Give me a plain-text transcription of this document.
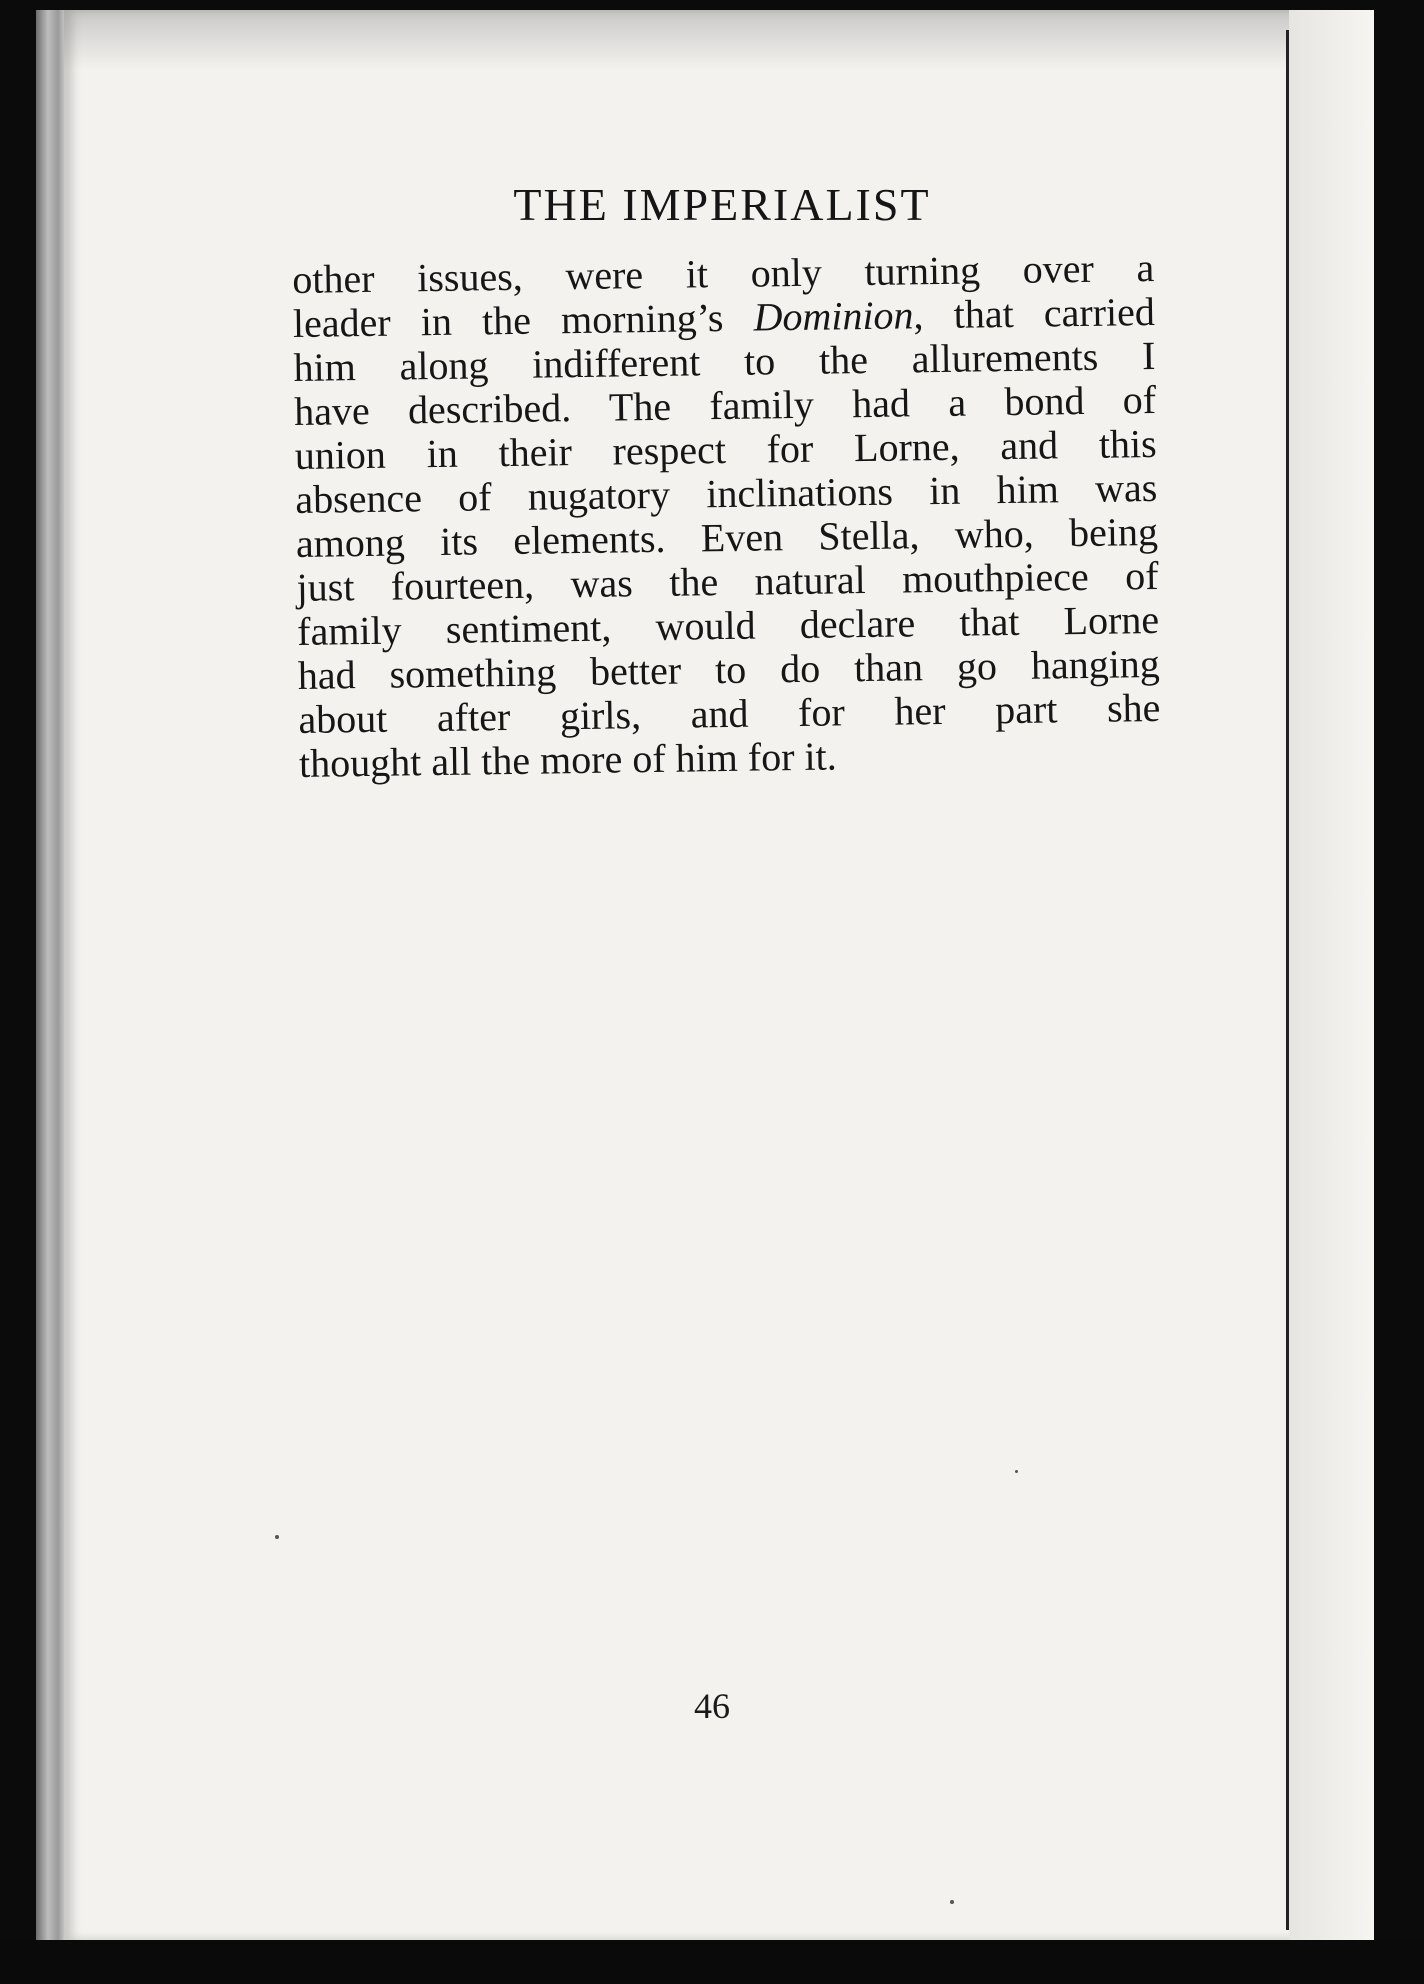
THE IMPERIALIST
other issues, were it only turning over a
leader in the morning’s Dominion, that carried
him along indifferent to the allurements I
have described. The family had a bond of
union in their respect for Lorne, and this
absence of nugatory inclinations in him was
among its elements. Even Stella, who, being
just fourteen, was the natural mouthpiece of
family sentiment, would declare that Lorne
had something better to do than go hanging
about after girls, and for her part she
thought all the more of him for it.
46
